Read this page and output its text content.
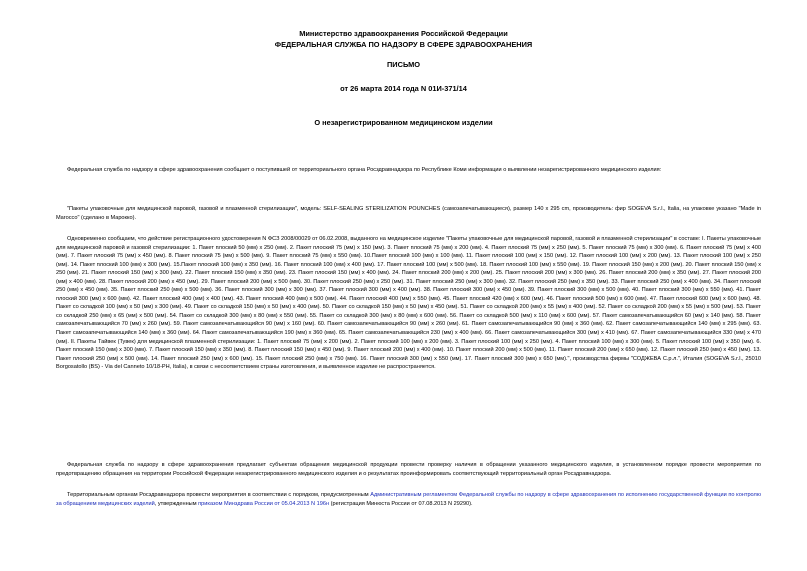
Министерство здравоохранения Российской Федерации
ФЕДЕРАЛЬНАЯ СЛУЖБА ПО НАДЗОРУ В СФЕРЕ ЗДРАВООХРАНЕНИЯ
ПИСЬМО
от 26 марта 2014 года N 01И-371/14
О незарегистрированном медицинском изделии

Федеральная служба по надзору в сфере здравоохранения сообщает о поступившей от территориального органа Росздравнадзора по Республике Коми информации о выявлении незарегистрированного медицинского изделия:

"Пакеты упаковочные для медицинской паровой, газовой и плазменной стерилизации", модель: SELF-SEALING STERILIZATION POUNCHES (самозапечатывающиеся), размер 140 x 295 cm, производитель: фир SOGEVA S.r.l., Italia, на упаковке указано "Made in Marocco" (сделано в Марокко).

Одновременно сообщаем, что действие регистрационного удостоверения N ФСЗ 2008/00029 от 06.02.2008, выданного на медицинское изделие "Пакеты упаковочные для медицинской паровой, газовой и плазменной стерилизации" в составе: I. Пакеты упаковочные для медицинской паровой и газовой стерилизации: 1. Пакет плоский 50 (мм) x 250 (мм). 2. Пакет плоский 75 (мм) x 150 (мм). 3. Пакет плоский 75 (мм) x 200 (мм). 4. Пакет плоский 75 (мм) x 250 (мм). 5. Пакет плоский 75 (мм) x 300 (мм). 6. Пакет плоский 75 (мм) x 400 (мм). 7. Пакет плоский 75 (мм) x 450 (мм). 8. Пакет плоский 75 (мм) x 500 (мм). 9. Пакет плоский 75 (мм) x 550 (мм). 10.Пакет плоский 100 (мм) x 100 (мм). 11. Пакет плоский 100 (мм) x 150 (мм). 12. Пакет плоский 100 (мм) x 200 (мм). 13. Пакет плоский 100 (мм) x 250 (мм). 14. Пакет плоский 100 (мм) x 300 (мм). 15.Пакет плоский 100 (мм) x 350 (мм). 16. Пакет плоский 100 (мм) x 400 (мм). 17. Пакет плоский 100 (мм) x 500 (мм). 18. Пакет плоский 100 (мм) x 550 (мм). 19. Пакет плоский 150 (мм) x 200 (мм). 20. Пакет плоский 150 (мм) x 250 (мм). 21. Пакет плоский 150 (мм) x 300 (мм). 22. Пакет плоский 150 (мм) x 350 (мм). 23. Пакет плоский 150 (мм) x 400 (мм). 24. Пакет плоский 200 (мм) x 200 (мм). 25. Пакет плоский 200 (мм) x 300 (мм). 26. Пакет плоский 200 (мм) x 350 (мм). 27. Пакет плоский 200 (мм) x 400 (мм). 28. Пакет плоский 200 (мм) x 450 (мм). 29. Пакет плоский 200 (мм) x 500 (мм). 30. Пакет плоский 250 (мм) x 250 (мм). 31. Пакет плоский 250 (мм) x 300 (мм). 32. Пакет плоский 250 (мм) x 350 (мм). 33. Пакет плоский 250 (мм) x 400 (мм). 34. Пакет плоский 250 (мм) x 450 (мм). 35. Пакет плоский 250 (мм) x 500 (мм). 36. Пакет плоский 300 (мм) x 300 (мм). 37. Пакет плоский 300 (мм) x 400 (мм). 38. Пакет плоский 300 (мм) x 450 (мм). 39. Пакет плоский 300 (мм) x 500 (мм). 40. Пакет плоский 300 (мм) x 550 (мм). 41. Пакет плоский 300 (мм) x 600 (мм). 42. Пакет плоский 400 (мм) x 400 (мм). 43. Пакет плоский 400 (мм) x 500 (мм). 44. Пакет плоский 400 (мм) x 550 (мм). 45. Пакет плоский 420 (мм) x 600 (мм). 46. Пакет плоский 500 (мм) x 600 (мм). 47. Пакет плоский 600 (мм) x 600 (мм). 48. Пакет со складкой 100 (мм) x 50 (мм) x 300 (мм). 49. Пакет со складкой 150 (мм) x 50 (мм) x 400 (мм). 50. Пакет со складкой 150 (мм) x 50 (мм) x 450 (мм). 51. Пакет со складкой 200 (мм) x 55 (мм) x 400 (мм). 52. Пакет со складкой 200 (мм) x 55 (мм) x 500 (мм). 53. Пакет со складкой 250 (мм) x 65 (мм) x 500 (мм). 54. Пакет со складкой 300 (мм) x 80 (мм) x 550 (мм). 55. Пакет со складкой 300 (мм) x 80 (мм) x 600 (мм). 56. Пакет со складкой 500 (мм) x 110 (мм) x 600 (мм). 57. Пакет самозапечатывающийся 60 (мм) x 140 (мм). 58. Пакет самозапечатывающийся 70 (мм) x 260 (мм). 59. Пакет самозапечатывающийся 90 (мм) x 160 (мм). 60. Пакет самозапечатывающийся 90 (мм) x 260 (мм). 61. Пакет самозапечатывающийся 90 (мм) x 360 (мм). 62. Пакет самозапечатывающийся 140 (мм) x 295 (мм). 63. Пакет самозапечатывающийся 140 (мм) x 360 (мм). 64. Пакет самозапечатывающийся 190 (мм) x 360 (мм). 65. Пакет самозапечатывающийся 230 (мм) x 400 (мм). 66. Пакет самозапечатывающийся 300 (мм) x 410 (мм). 67. Пакет самозапечатывающийся 330 (мм) x 470 (мм). II. Пакеты Тайвек (Тувек) для медицинской плазменной стерилизации: 1. Пакет плоский 75 (мм) x 200 (мм). 2. Пакет плоский 100 (мм) x 200 (мм). 3. Пакет плоский 100 (мм) x 250 (мм). 4. Пакет плоский 100 (мм) x 300 (мм). 5. Пакет плоский 100 (мм) x 350 (мм). 6. Пакет плоский 150 (мм) x 300 (мм). 7. Пакет плоский 150 (мм) x 350 (мм). 8. Пакет плоский 150 (мм) x 450 (мм). 9. Пакет плоский 200 (мм) x 400 (мм). 10. Пакет плоский 200 (мм) x 500 (мм). 11. Пакет плоский 200 (мм) x 650 (мм). 12. Пакет плоский 250 (мм) x 450 (мм). 13. Пакет плоский 250 (мм) x 500 (мм). 14. Пакет плоский 250 (мм) x 600 (мм). 15. Пакет плоский 250 (мм) x 750 (мм). 16. Пакет плоский 300 (мм) x 550 (мм). 17. Пакет плоский 300 (мм) x 650 (мм).", производства фирмы "СОДЖЕВА С.р.л.", Италия (SOGEVA S.r.l., 25010 Borgosatollo (BS) - Via del Canneto 10/18-PH, Italia), в связи с несоответствием страны изготовления, и выявленное изделие не распространяется.

Федеральная служба по надзору в сфере здравоохранения предлагает субъектам обращения медицинской продукции провести проверку наличия в обращении указанного медицинского изделия, в установленном порядке провести мероприятия по предотвращению обращения на территории Российской Федерации незарегистрированного медицинского изделия и о результатах проинформировать соответствующий территориальный орган Росздравнадзора.

Территориальным органам Росздравнадзора провести мероприятия в соответствии с порядком, предусмотренным Административным регламентом Федеральной службы по надзору в сфере здравоохранения по исполнению государственной функции по контролю за обращением медицинских изделий, утвержденным приказом Минздрава России от 05.04.2013 N 196н (регистрация Минюста России от 07.08.2013 N 29290).
